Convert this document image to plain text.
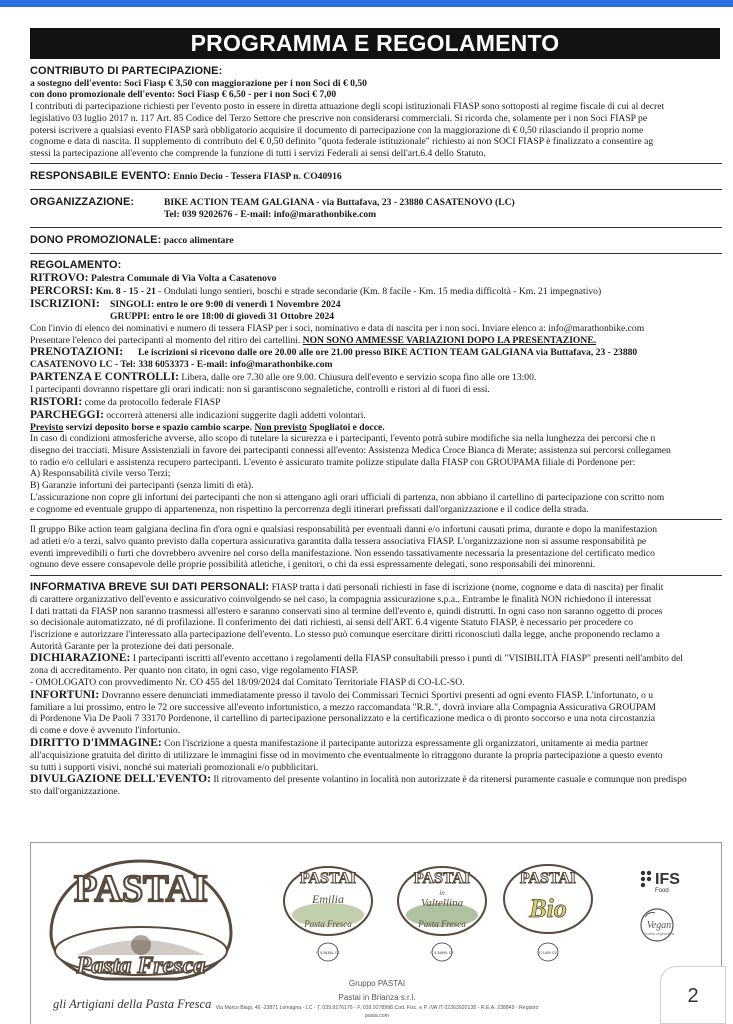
PROGRAMMA E REGOLAMENTO

CONTRIBUTO DI PARTECIPAZIONE:

a sostegno dell'evento: Soci Fiasp € 3,50 con maggiorazione per i non Soci di € 0,50

con dono promozionale dell'evento: Soci Fiasp € 6,50 - per i non Soci € 7,00

I contributi di partecipazione richiesti per l'evento posto in essere in diretta attuazione degli scopi istituzionali FIASP sono sottoposti al regime fiscale di cui al decret

legislativo 03 luglio 2017 n. 117 Art. 85 Codice del Terzo Settore che prescrive non considerarsi commerciali. Si ricorda che, solamente per i non Soci FIASP pe

potersi iscrivere a qualsiasi evento FIASP sarà obbligatorio acquisire il documento di partecipazione con la maggiorazione di € 0,50 rilasciando il proprio nome

cognome e data di nascita. Il supplemento di contributo del € 0,50 definito "quota federale istituzionale" richiesto ai non SOCI FIASP è finalizzato a consentire ag

stessi la partecipazione all'evento che comprende la funzione di tutti i servizi Federali ai sensi dell'art.6.4 dello Statuto.

RESPONSABILE EVENTO: Ennio Decio - Tessera FIASP n. CO40916

ORGANIZZAZIONE:	BIKE ACTION TEAM GALGIANA - via Buttafava, 23 - 23880 CASATENOVO (LC)

Tel: 039 9202676 - E-mail: info@marathonbike.com

DONO PROMOZIONALE: pacco alimentare

REGOLAMENTO:

RITROVO: Palestra Comunale di Via Volta a Casatenovo

PERCORSI: Km. 8 - 15 - 21 - Ondulati lungo sentieri, boschi e strade secondarie (Km. 8 facile - Km. 15 media difficoltà - Km. 21 impegnativo)

ISCRIZIONI: SINGOLI: entro le ore 9:00 di venerdì 1 Novembre 2024

GRUPPI: entro le ore 18:00 di giovedì 31 Ottobre 2024

Con l'invio di elenco dei nominativi e numero di tessera FIASP per i soci, nominativo e data di nascita per i non soci. Inviare elenco a: info@marathonbike.com

Presentare l'elenco dei partecipanti al momento del ritiro dei cartellini. NON SONO AMMESSE VARIAZIONI DOPO LA PRESENTAZIONE.

PRENOTAZIONI: Le iscrizioni si ricevono dalle ore 20.00 alle ore 21.00 presso BIKE ACTION TEAM GALGIANA via Buttafava, 23 - 23880

CASATENOVO LC - Tel: 338 6053373 - E-mail: info@marathonbike.com

PARTENZA E CONTROLLI: Libera, dalle ore 7.30 alle ore 9.00. Chiusura dell'evento e servizio scopa fino alle ore 13:00.

I partecipanti dovranno rispettare gli orari indicati: non si garantiscono segnaletiche, controlli e ristori al di fuori di essi.

RISTORI: come da protocollo federale FIASP

PARCHEGGI: occorrerà attenersi alle indicazioni suggerite dagli addetti volontari.

Previsto servizi deposito borse e spazio cambio scarpe. Non previsto Spogliatoi e docce.

In caso di condizioni atmosferiche avverse, allo scopo di tutelare la sicurezza e i partecipanti, l'evento potrà subire modifiche sia nella lunghezza dei percorsi che n

disegno dei tracciati. Misure Assistenziali in favore dei partecipanti connessi all'evento: Assistenza Medica Croce Bianca di Merate; assistenza sui percorsi collegamen

to radio e/o cellulari e assistenza recupero partecipanti. L'evento è assicurato tramite polizze stipulate dalla FIASP con GROUPAMA filiale di Pordenone per:

A) Responsabilità civile verso Terzi;

B) Garanzie infortuni dei partecipanti (senza limiti di età).

L'assicurazione non copre gli infortuni dei partecipanti che non si attengano agli orari ufficiali di partenza, non abbiano il cartellino di partecipazione con scritto nom

e cognome ed eventuale gruppo di appartenenza, non rispettino la percorrenza degli itinerari prefissati dall'organizzazione e il codice della strada.

Il gruppo Bike action team galgiana declina fin d'ora ogni e qualsiasi responsabilità per eventuali danni e/o infortuni causati prima, durante e dopo la manifestazion

ad atleti e/o a terzi, salvo quanto previsto dalla copertura assicurativa garantita dalla tessera associativa FIASP. L'organizzazione non si assume responsabilità pe

eventi imprevedibili o furti che dovrebbero avvenire nel corso della manifestazione. Non essendo tassativamente necessaria la presentazione del certificato medico

ognuno deve essere consapevole delle proprie possibilità atletiche, i genitori, o chi da essi espressamente delegati, sono responsabili dei minorenni.

INFORMATIVA BREVE SUI DATI PERSONALI: FIASP tratta i dati personali richiesti in fase di iscrizione (nome, cognome e data di nascita) per finalit

di carattere organizzativo dell'evento e assicurativo coinvolgendo se nel caso, la compagnia assicurazione s.p.a.. Entrambe le finalità NON richiedono il interessat

I dati trattati da FIASP non saranno trasmessi all'estero e saranno conservati sino al termine dell'evento e, quindi distrutti. In ogni caso non saranno oggetto di proces

so decisionale automatizzato, né di profilazione. Il conferimento dei dati richiesti, ai sensi dell'ART. 6.4 vigente Statuto FIASP, è necessario per procedere co

l'iscrizione e autorizzare l'interessato alla partecipazione dell'evento. Lo stesso può comunque esercitare diritti riconosciuti dalla legge, anche proponendo reclamo a

Autorità Garante per la protezione dei dati personale.

DICHIARAZIONE: I partecipanti iscritti all'evento accettano i regolamenti della FIASP consultabili presso i punti di "VISIBILITÀ FIASP" presenti nell'ambito del

zona di accreditamento. Per quanto non citato, in ogni caso, vige regolamento FIASP.

- OMOLOGATO con provvedimento Nr. CO 455 del 18/09/2024 dal Comitato Territoriale FIASP di CO-LC-SO.

INFORTUNI: Dovranno essere denunciati immediatamente presso il tavolo dei Commissari Tecnici Sportivi presenti ad ogni evento FIASP. L'infortunato, o u

familiare a lui prossimo, entro le 72 ore successive all'evento infortunistico, a mezzo raccomandata "R.R.", dovrà inviare alla Compagnia Assicurativa GROUPAM

di Pordenone Via De Paoli 7 33170 Pordenone, il cartellino di partecipazione personalizzato e la certificazione medica o di pronto soccorso e una nota circostanzia

di come e dove è avvenuto l'infortunio.

DIRITTO D'IMMAGINE: Con l'iscrizione a questa manifestazione il partecipante autorizza espressamente gli organizzatori, unitamente ai media partner

all'acquisizione gratuita del diritto di utilizzare le immagini fisse od in movimento che eventualmente lo ritraggono durante la propria partecipazione a questo evento

su tutti i supporti visivi, nonché sui materiali promozionali e/o pubblicitari.

DIVULGAZIONE DELL'EVENTO: Il ritrovamento del presente volantino in località non autorizzate è da ritenersi puramente casuale e comunque non predispo

sto dall'organizzazione.

PASTAI
Pasta Fresca
gli Artigiani della Pasta Fresca
PASTAI
Emilia
Pasta Fresca
IT 9-3635/L CE
PASTAI
in
Valtellina
Pasta Fresca
IT 9-3499/L CE
PASTAI
Bio
IT L600 CE
IFS
Food
Vegan
Qualità Vegetariana
Gruppo PASTAI
Pastai in Brianza s.r.l.
Via Marco Biagi, 46 -23871 Lomagna - LC - T. 039.9276176 - F. 039.9278998 Cod. Fisc. e P. IVA IT 02363920138 - R.E.A. 238849 - Registro
pasta.com
2
